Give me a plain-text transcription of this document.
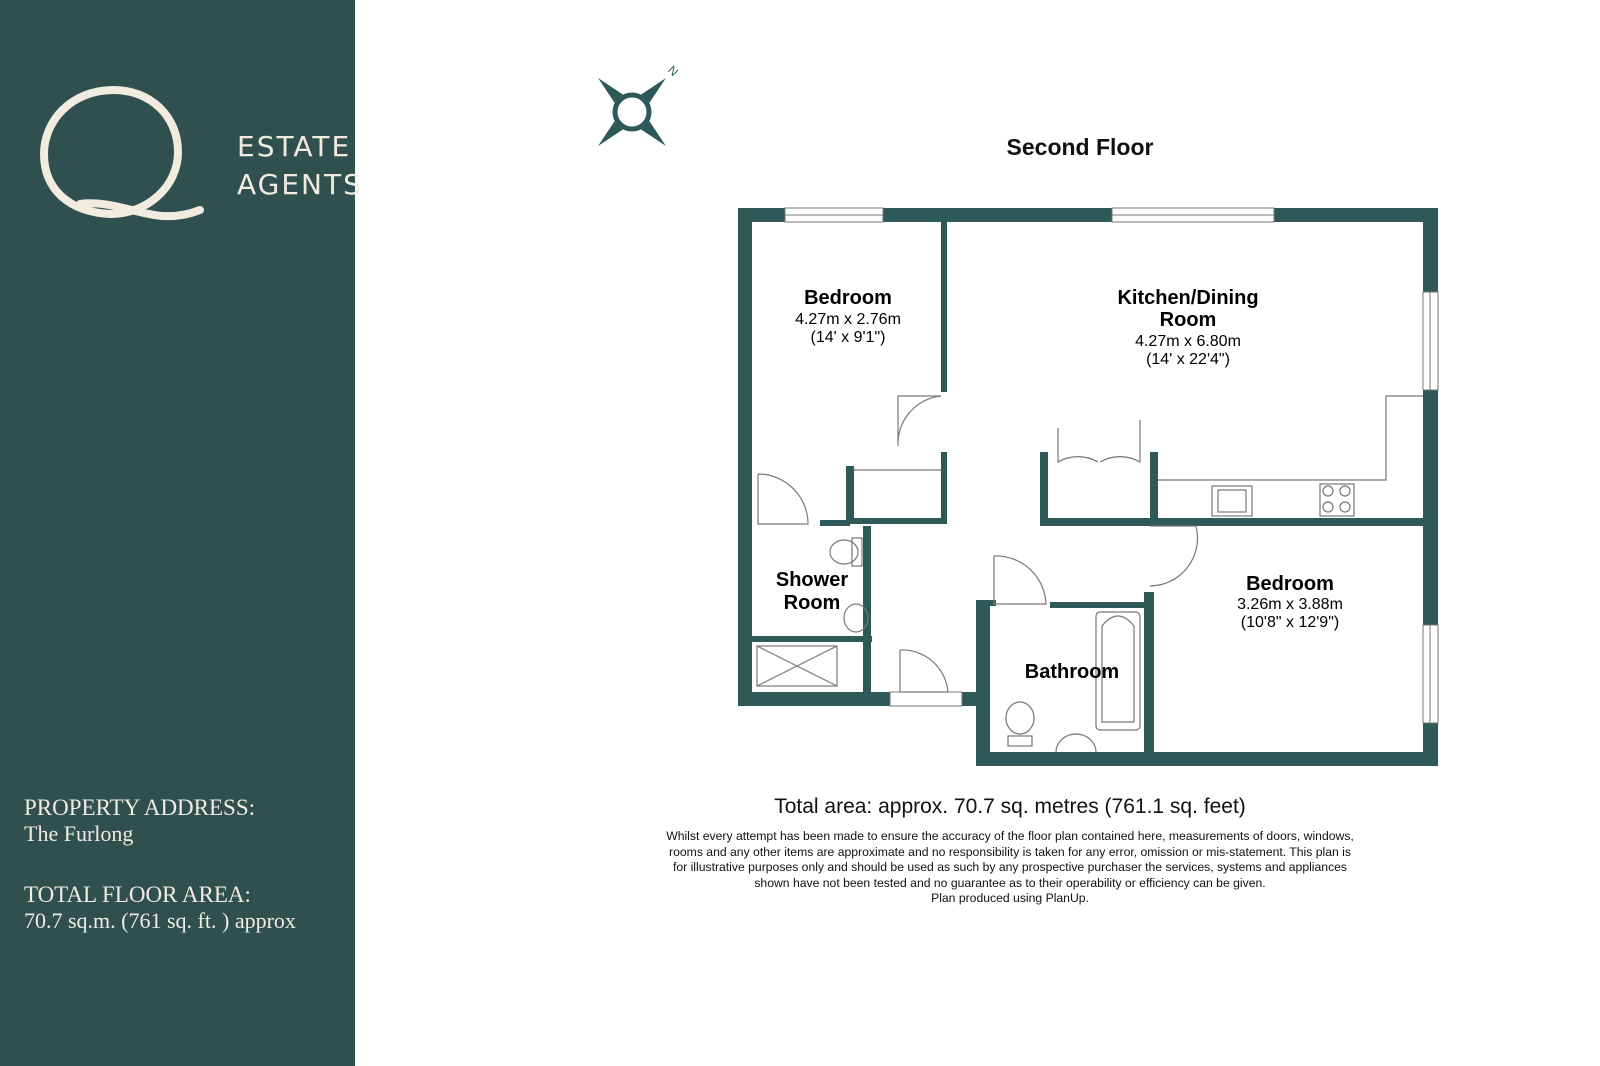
ESTATE
AGENTS
PROPERTY ADDRESS:
The Furlong
TOTAL FLOOR AREA:
70.7 sq.m. (761 sq. ft. ) approx
Second Floor
N
Bedroom
4.27m x 2.76m
(14' x 9'1")
Kitchen/Dining
Room
4.27m x 6.80m
(14' x 22'4")
Shower
Room
Bathroom
Bedroom
3.26m x 3.88m
(10'8" x 12'9")
Total area: approx. 70.7 sq. metres (761.1 sq. feet)
Whilst every attempt has been made to ensure the accuracy of the floor plan contained here, measurements of doors, windows,
rooms and any other items are approximate and no responsibility is taken for any error, omission or mis-statement. This plan is
for illustrative purposes only and should be used as such by any prospective purchaser the services, systems and appliances
shown have not been tested and no guarantee as to their operability or efficiency can be given.
Plan produced using PlanUp.
